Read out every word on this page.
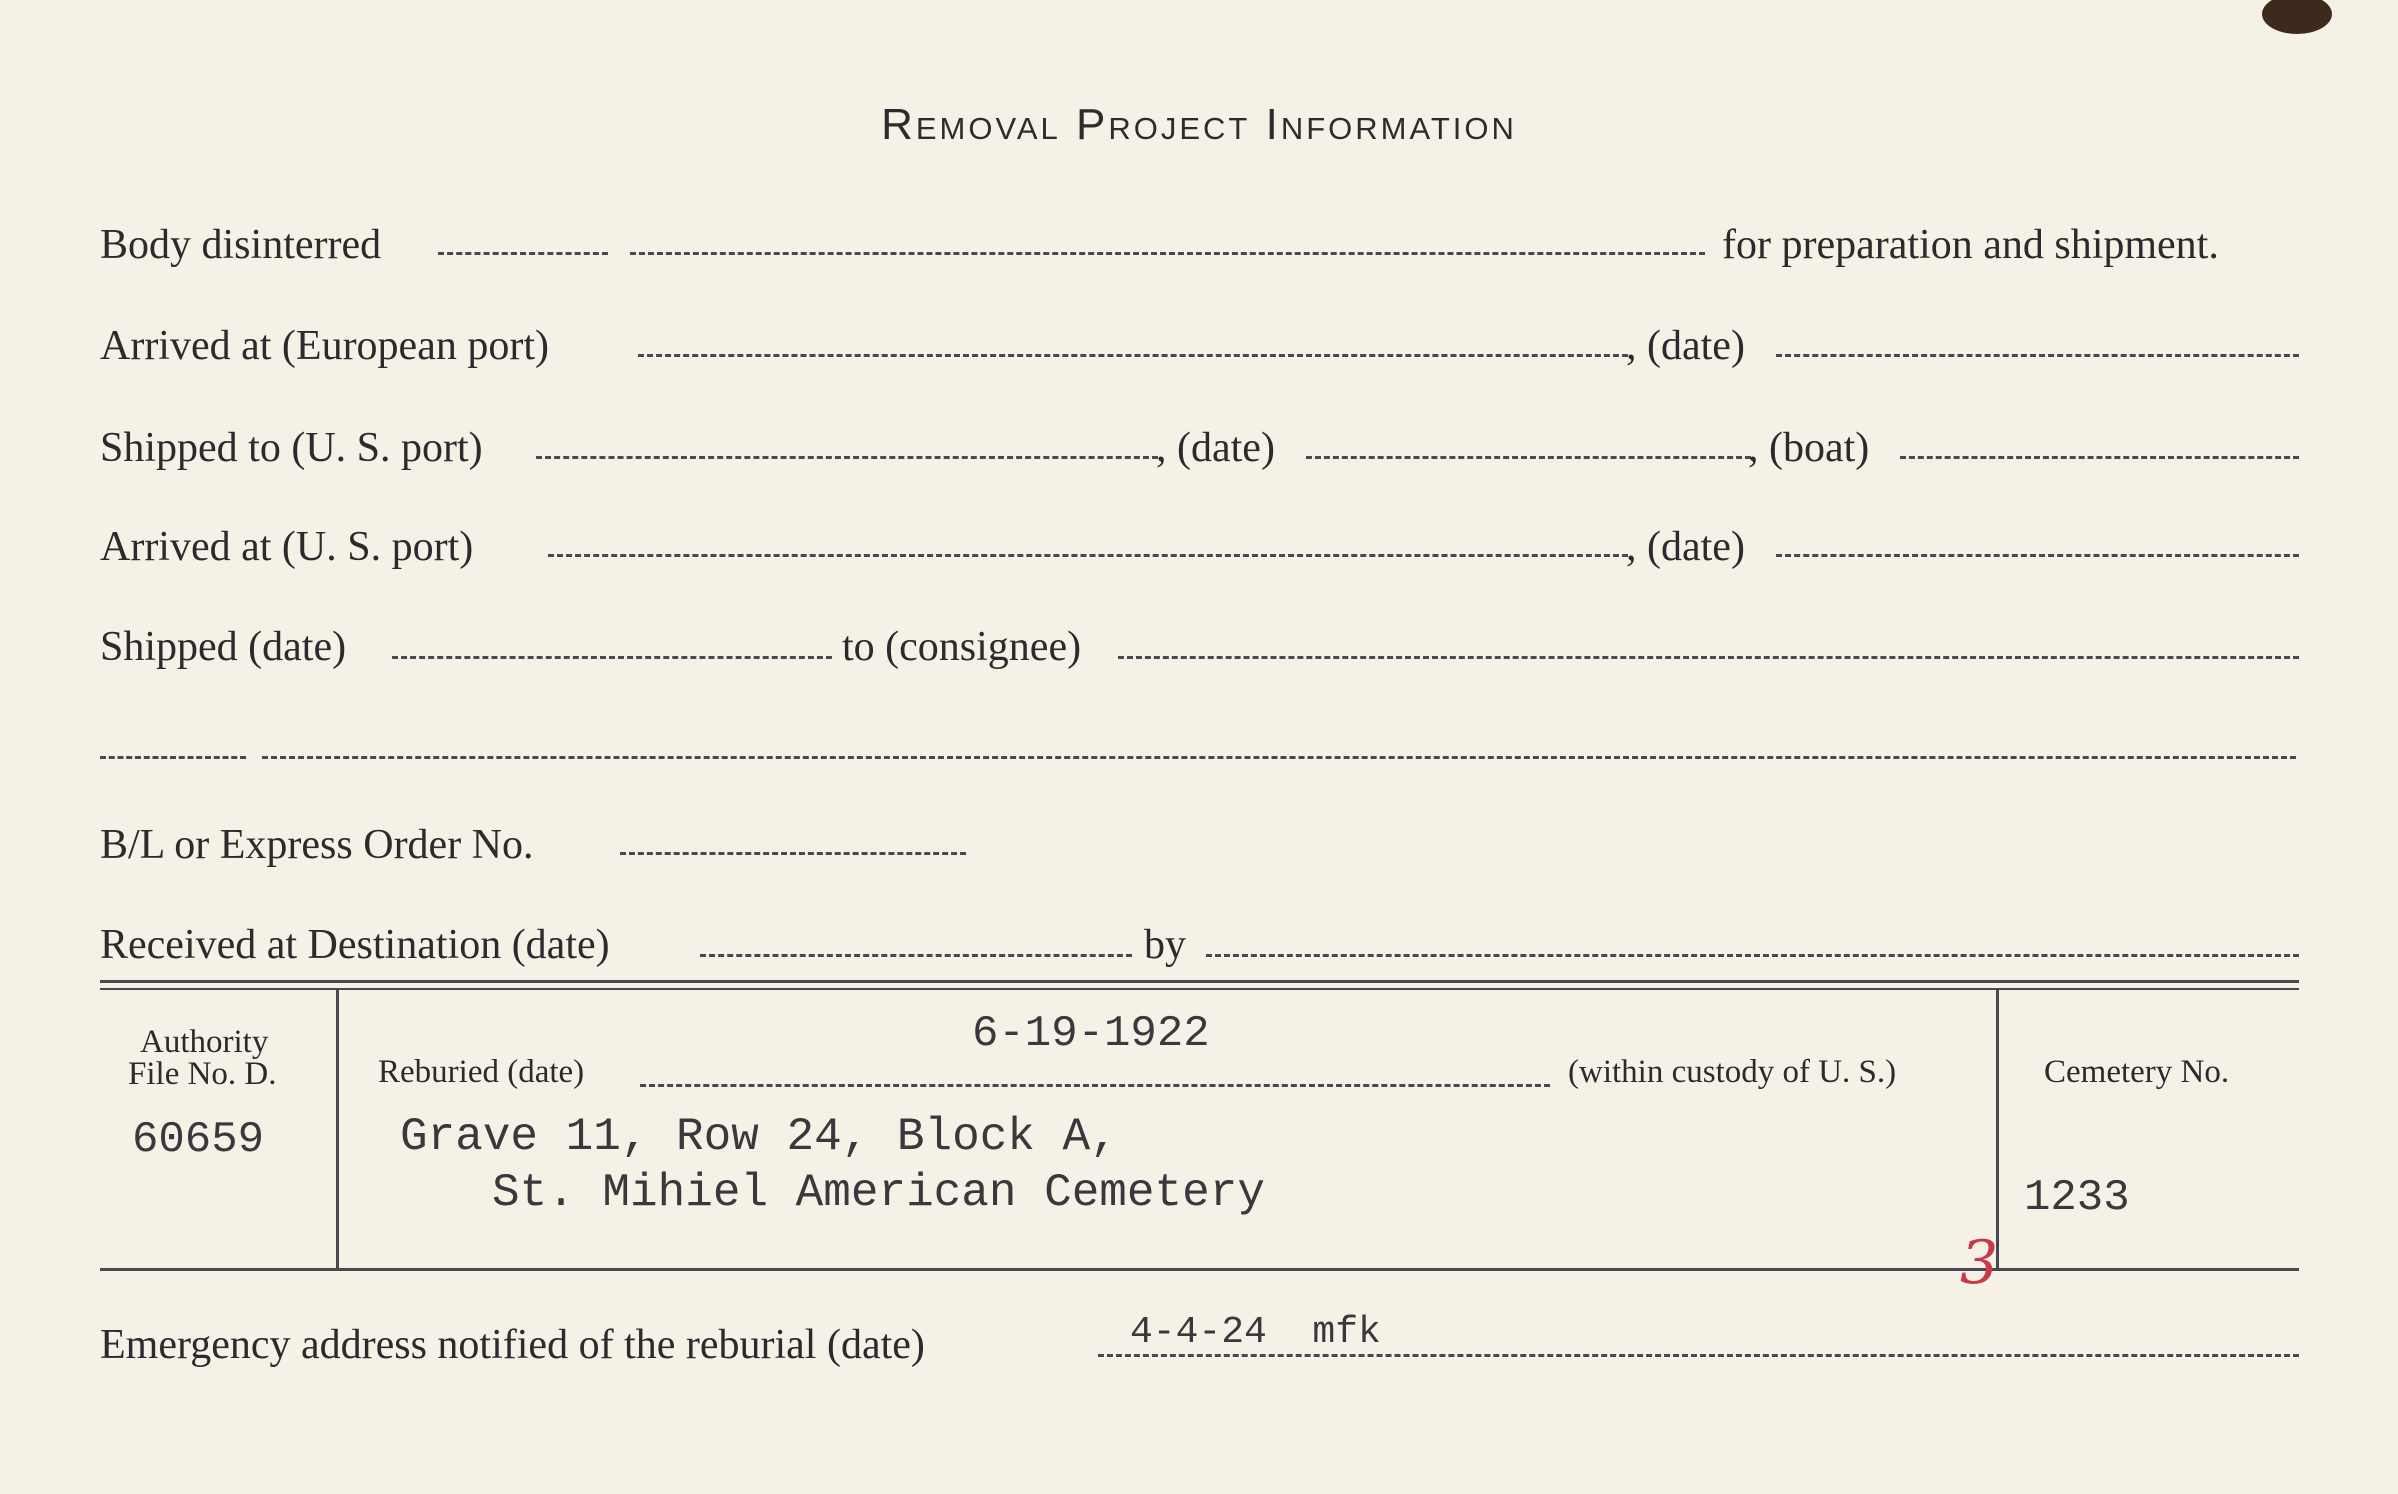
Removal Project Information
Body disinterred	for preparation and shipment.
Arrived at (European port)	, (date)
Shipped to (U. S. port)	, (date)	, (boat)
Arrived at (U. S. port)	, (date)
Shipped (date)	to (consignee)
B/L or Express Order No.
Received at Destination (date)	by
Authority
File No. D.
60659
6-19-1922
Reburied (date)	(within custody of U. S.)
Grave 11, Row 24, Block A,
St. Mihiel American Cemetery
Cemetery No.
1233
3
Emergency address notified of the reburial (date)	4-4-24  mfk
